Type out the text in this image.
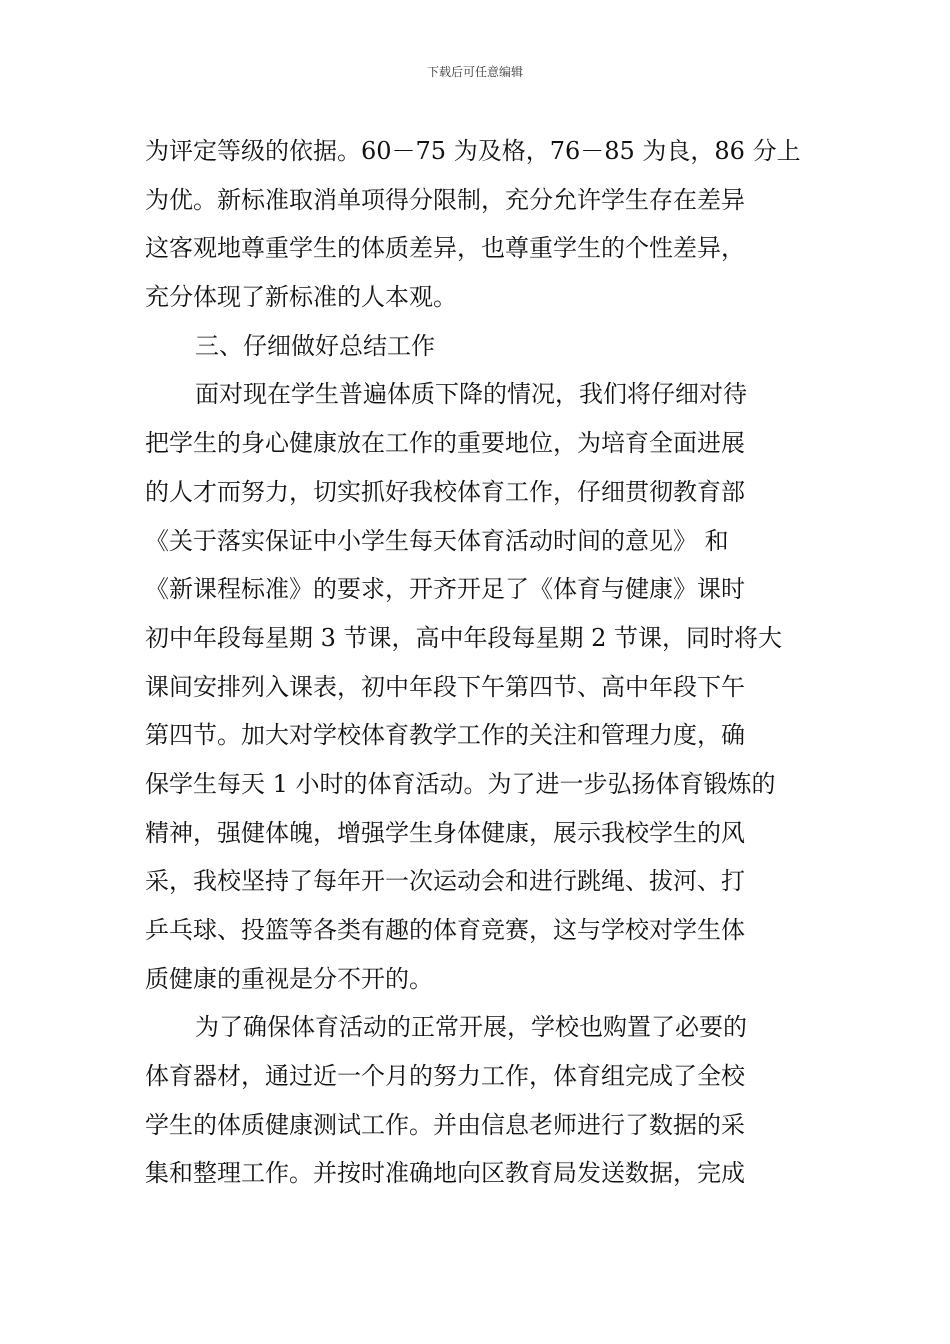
下载后可任意编辑
为评定等级的依据。60－75 为及格，76－85 为良，86 分上
为优。新标准取消单项得分限制，充分允许学生存在差异
这客观地尊重学生的体质差异，也尊重学生的个性差异，
充分体现了新标准的人本观。
三、仔细做好总结工作
面对现在学生普遍体质下降的情况，我们将仔细对待
把学生的身心健康放在工作的重要地位，为培育全面进展
的人才而努力，切实抓好我校体育工作，仔细贯彻教育部
《关于落实保证中小学生每天体育活动时间的意见》 和
《新课程标准》的要求，开齐开足了《体育与健康》课时
初中年段每星期 3 节课，高中年段每星期 2 节课，同时将大
课间安排列入课表，初中年段下午第四节、高中年段下午
第四节。加大对学校体育教学工作的关注和管理力度，确
保学生每天 1 小时的体育活动。为了进一步弘扬体育锻炼的
精神，强健体魄，增强学生身体健康，展示我校学生的风
采，我校坚持了每年开一次运动会和进行跳绳、拔河、打
乒乓球、投篮等各类有趣的体育竞赛，这与学校对学生体
质健康的重视是分不开的。
为了确保体育活动的正常开展，学校也购置了必要的
体育器材，通过近一个月的努力工作，体育组完成了全校
学生的体质健康测试工作。并由信息老师进行了数据的采
集和整理工作。并按时准确地向区教育局发送数据，完成
